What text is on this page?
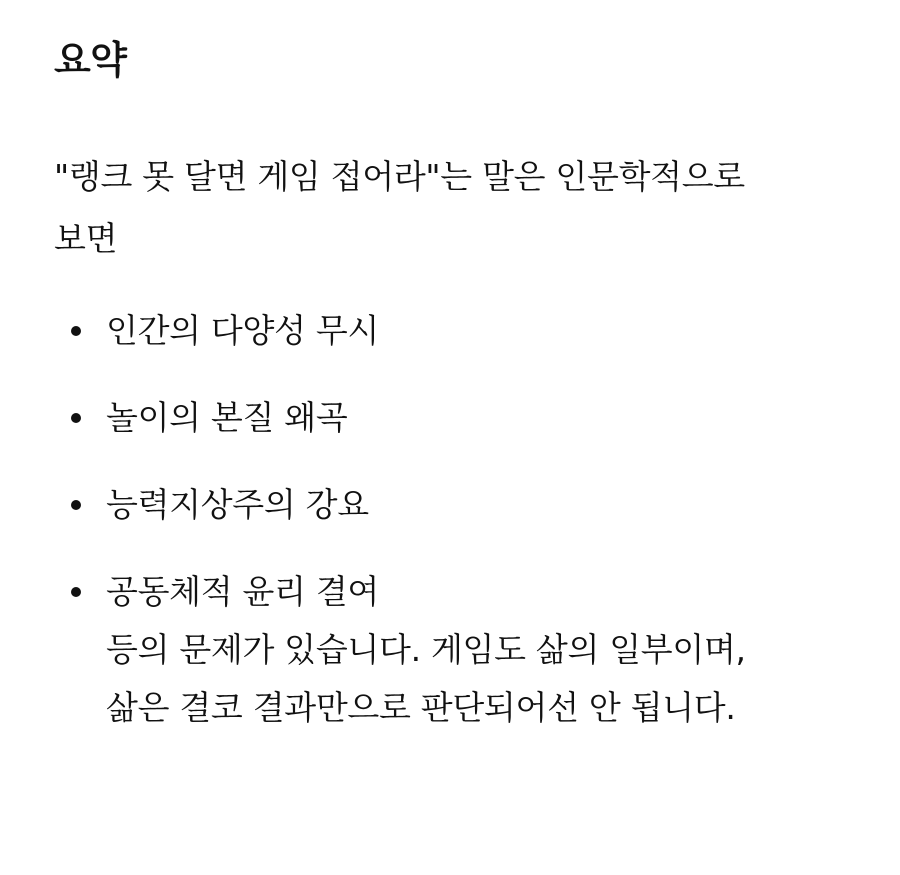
요약

"랭크 못 달면 게임 접어라"는 말은 인문학적으로
보면

인간의 다양성 무시
놀이의 본질 왜곡
능력지상주의 강요
공동체적 윤리 결여
등의 문제가 있습니다. 게임도 삶의 일부이며,
삶은 결코 결과만으로 판단되어선 안 됩니다.
